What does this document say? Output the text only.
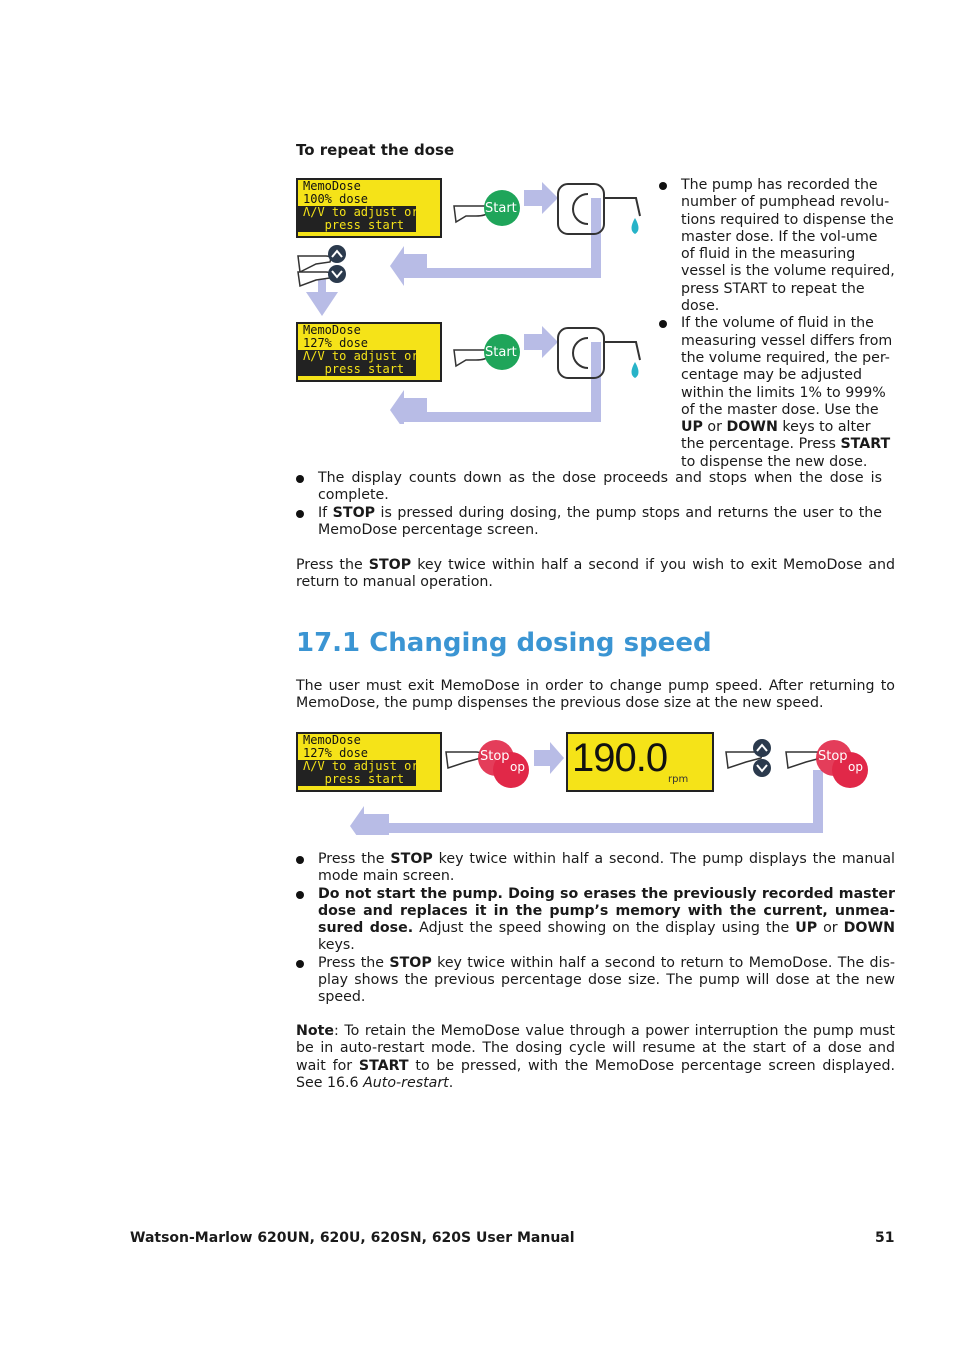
To repeat the dose
Start
Start
MemoDose
100% dose
Λ/V to adjust or
press start
MemoDose
127% dose
Λ/V to adjust or
press start
The pump has recorded the number of pumphead revolu-tions required to dispense the master dose. If the vol-ume of fluid in the measuring vessel is the volume required, press START to repeat the dose.
If the volume of fluid in the measuring vessel differs from the volume required, the per-centage may be adjusted within the limits 1% to 999% of the master dose. Use the UP or DOWN keys to alter the percentage. Press START to dispense the new dose.
The display counts down as the dose proceeds and stops when the dose is complete.
If STOP is pressed during dosing, the pump stops and returns the user to the MemoDose percentage screen.

Press the STOP key twice within half a second if you wish to exit MemoDose and return to manual operation.

17.1 Changing dosing speed

The user must exit MemoDose in order to change pump speed. After returning to MemoDose, the pump dispenses the previous dose size at the new speed.

MemoDose
127% dose
Λ/V to adjust or
press start
Stop
op
Stop
op
190.0 rpm
Press the STOP key twice within half a second. The pump displays the manual mode main screen.
Do not start the pump. Doing so erases the previously recorded master dose and replaces it in the pump’s memory with the current, unmea-sured dose. Adjust the speed showing on the display using the UP or DOWN keys.
Press the STOP key twice within half a second to return to MemoDose. The dis-play shows the previous percentage dose size. The pump will dose at the new speed.

Note: To retain the MemoDose value through a power interruption the pump must be in auto-restart mode. The dosing cycle will resume at the start of a dose and wait for START to be pressed, with the MemoDose percentage screen displayed. See 16.6 Auto-restart.

Watson-Marlow 620UN, 620U, 620SN, 620S User Manual	51
